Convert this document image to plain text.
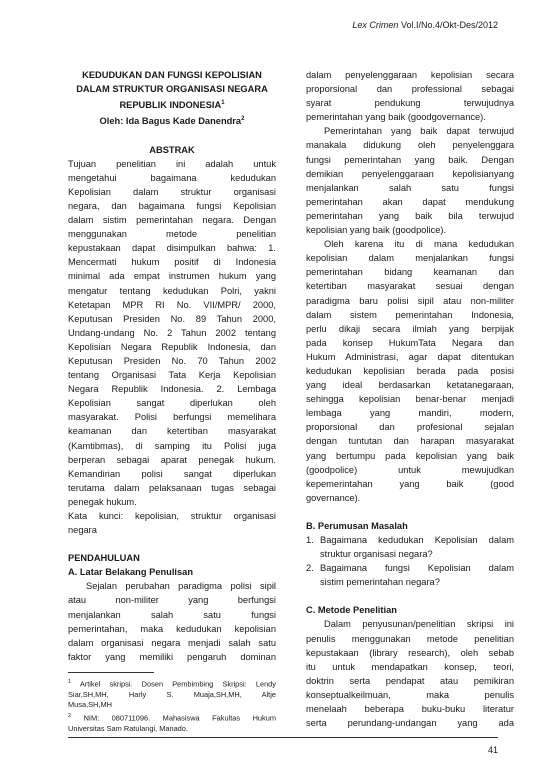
Lex Crimen Vol.I/No.4/Okt-Des/2012

KEDUDUKAN DAN FUNGSI KEPOLISIAN

DALAM STRUKTUR ORGANISASI NEGARA

REPUBLIK INDONESIA$^1$

Oleh: Ida Bagus Kade Danendra$^2$

ABSTRAK

Tujuan penelitian ini adalah untuk

mengetahui bagaimana kedudukan

Kepolisian dalam struktur organisasi

negara, dan bagaimana fungsi Kepolisian

dalam sistim pemerintahan negara. Dengan

menggunakan metode penelitian

kepustakaan dapat disimpulkan bahwa: 1.

Mencermati hukum positif di Indonesia

minimal ada empat instrumen hukum yang

mengatur tentang kedudukan Polri, yakni

Ketetapan MPR RI No. VII/MPR/ 2000,

Keputusan Presiden No. 89 Tahun 2000,

Undang-undang No. 2 Tahun 2002 tentang

Kepolisian Negara Republik Indonesia, dan

Keputusan Presiden No. 70 Tahun 2002

tentang Organisasi Tata Kerja Kepolisian

Negara Republik Indonesia. 2. Lembaga

Kepolisian sangat diperlukan oleh

masyarakat. Polisi berfungsi memelihara

keamanan dan ketertiban masyarakat

(Kamtibmas), di samping itu Polisi juga

berperan sebagai aparat penegak hukum.

Kemandirian polisi sangat diperlukan

terutama dalam pelaksanaan tugas sebagai

penegak hukum.

Kata kunci: kepolisian, struktur organisasi

negara

PENDAHULUAN

A. Latar Belakang Penulisan

Sejalan perubahan paradigma polisi sipil

atau non-militer yang berfungsi

menjalankan salah satu fungsi

pemerintahan, maka kedudukan kepolisian

dalam organisasi negara menjadi salah satu

faktor yang memiliki pengaruh dominan

$^1$ Artikel skripsi. Dosen Pembimbing Skripsi: Lendy

Siar,SH,MH, Harly S. Muaja,SH,MH, Altje

Musa,SH,MH

$^2$ NIM: 080711096. Mahasiswa Fakultas Hukum

Universitas Sam Ratulangi, Manado.

dalam penyelenggaraan kepolisian secara

proporsional dan professional sebagai

syarat pendukung terwujudnya

pemerintahan yang baik (goodgovernance).

Pemerintahan yang baik dapat terwujud

manakala didukung oleh penyelenggara

fungsi pemerintahan yang baik. Dengan

demikian penyelenggaraan kepolisianyang

menjalankan salah satu fungsi

pemerintahan akan dapat mendukung

pemerintahan yang baik bila terwujud

kepolisian yang baik (goodpolice).

Oleh karena itu di mana kedudukan

kepolisian dalam menjalankan fungsi

pemerintahan bidang keamanan dan

ketertiban masyarakat sesuai dengan

paradigma baru polisi sipil atau non-militer

dalam sistem pemerintahan Indonesia,

perlu dikaji secara ilmiah yang berpijak

pada konsep HukumTata Negara dan

Hukum Administrasi, agar dapat ditentukan

kedudukan kepolisian berada pada posisi

yang ideal berdasarkan ketatanegaraan,

sehingga kepolisian benar-benar menjadi

lembaga yang mandiri, modern,

proporsional dan profesional sejalan

dengan tuntutan dan harapan masyarakat

yang bertumpu pada kepolisian yang baik

(goodpolice) untuk mewujudkan

kepemerintahan yang baik (good

governance).

B. Perumusan Masalah

1. Bagaimana kedudukan Kepolisian dalam
struktur organisasi negara?
2. Bagaimana fungsi Kepolisian dalam
sistim pemerintahan negara?

C. Metode Penelitian

Dalam penyusunan/penelitian skripsi ini

penulis menggunakan metode penelitian

kepustakaan (library research), oleh sebab

itu untuk mendapatkan konsep, teori,

doktrin serta pendapat atau pemikiran

konseptualkeilmuan, maka penulis

menelaah beberapa buku-buku literatur

serta perundang-undangan yang ada

41
